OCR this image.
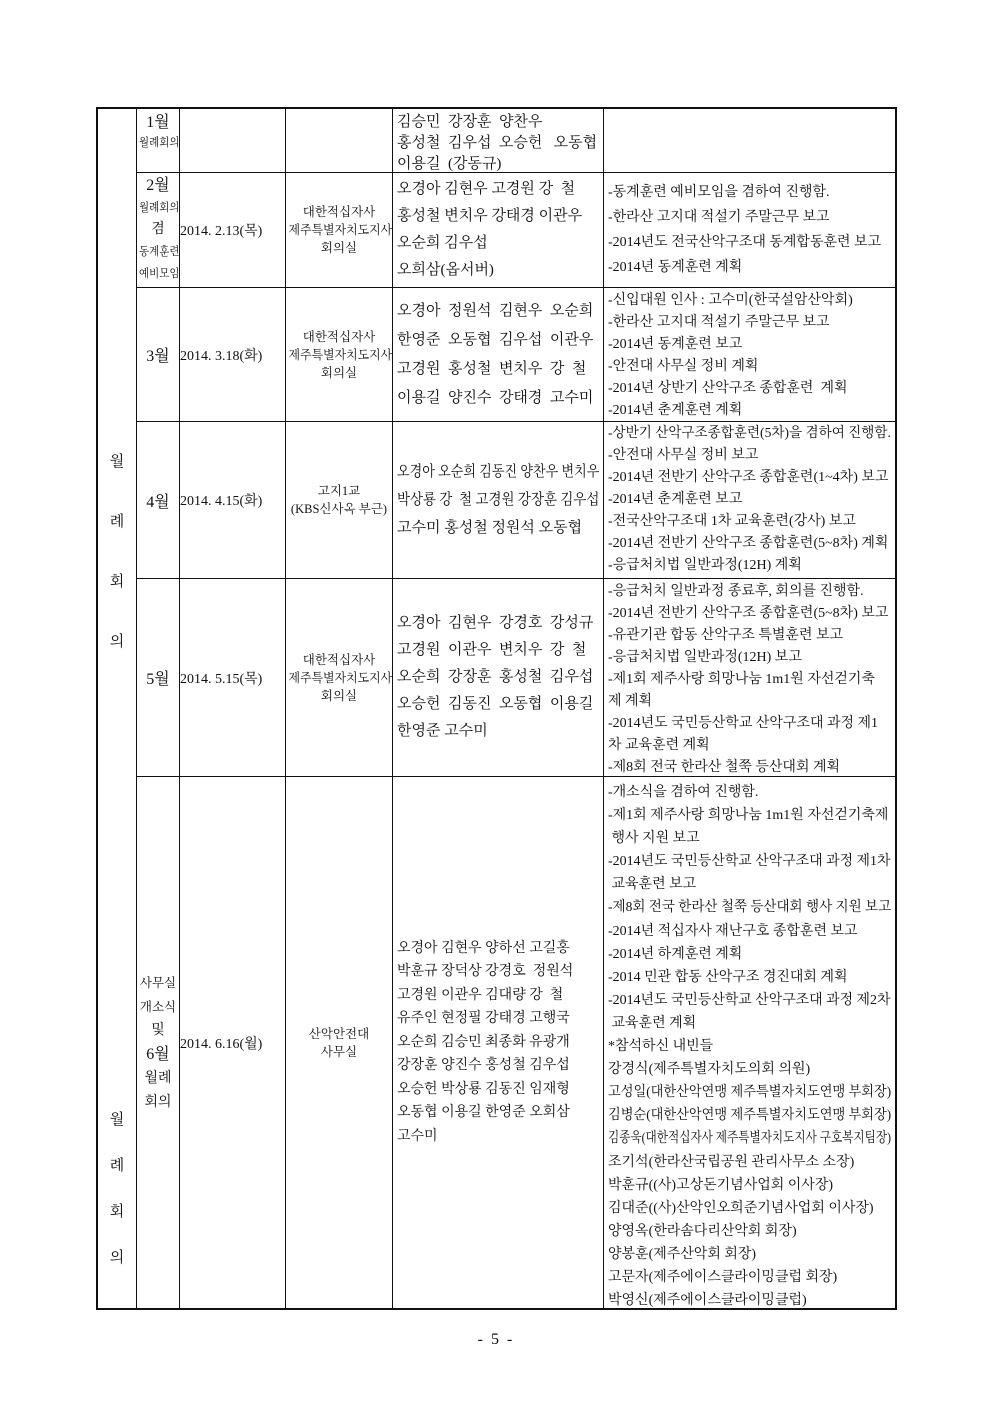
월
례
회
의
월
례
회
의
1월
월례회의
김승민  강장훈  양찬우
홍성철  김우섭  오승헌   오동협
이용길  (강동규)
2월
월례회의
겸
동계훈련
예비모임
2014. 2.13(목)
대한적십자사
제주특별자치도지사
회의실
오경아 김현우 고경원 강  철
홍성철 변치우 강태경 이관우
오순희 김우섭
오희삼(옵서버)
-동계훈련 예비모임을 겸하여 진행함.
-한라산 고지대 적설기 주말근무 보고
-2014년도 전국산악구조대 동계합동훈련 보고
-2014년 동계훈련 계획
3월 2014. 3.18(화)
대한적십자사
제주특별자치도지사
회의실
오경아  정원석  김현우  오순희
한영준  오동협  김우섭  이관우
고경원  홍성철  변치우  강  철
이용길  양진수  강태경  고수미
-신입대원 인사 : 고수미(한국설암산악회)
-한라산 고지대 적설기 주말근무 보고
-2014년 동계훈련 보고
-안전대 사무실 정비 계획
-2014년 상반기 산악구조 종합훈련  계획
-2014년 춘계훈련 계획
4월 2014. 4.15(화)
고지1교
(KBS신사옥 부근)
오경아 오순희 김동진 양찬우 변치우
박상룡 강  철 고경원 강장훈 김우섭
고수미 홍성철 정원석 오동협
-상반기 산악구조종합훈련(5차)을 겸하여 진행함.
-안전대 사무실 정비 보고
-2014년 전반기 산악구조 종합훈련(1~4차) 보고
-2014년 춘계훈련 보고
-전국산악구조대 1차 교육훈련(강사) 보고
-2014년 전반기 산악구조 종합훈련(5~8차) 계획
-응급처치법 일반과정(12H) 계획
5월 2014. 5.15(목)
대한적십자사
제주특별자치도지사
회의실
오경아  김현우  강경호  강성규
고경원  이관우  변치우  강  철
오순희  강장훈  홍성철  김우섭
오승헌  김동진  오동협  이용길
한영준 고수미
-응급처치 일반과정 종료후, 회의를 진행함.
-2014년 전반기 산악구조 종합훈련(5~8차) 보고
-유관기관 합동 산악구조 특별훈련 보고
-응급처치법 일반과정(12H) 보고
-제1회 제주사랑 희망나눔 1m1원 자선걷기축
제 계획
-2014년도 국민등산학교 산악구조대 과정 제1
차 교육훈련 계획
-제8회 전국 한라산 철쭉 등산대회 계획
사무실
개소식
및
6월
월례
회의
2014. 6.16(월)
산악안전대
사무실
오경아 김현우 양하선 고길홍
박훈규 장덕상 강경호  정원석
고경원 이관우 김대량 강  철
유주인 현정필 강태경 고행국
오순희 김승민 최종화 유광개
강장훈 양진수 홍성철 김우섭
오승헌 박상룡 김동진 임재형
오동협 이용길 한영준 오회삼
고수미
-개소식을 겸하여 진행함.
-제1회 제주사랑 희망나눔 1m1원 자선걷기축제
행사 지원 보고
-2014년도 국민등산학교 산악구조대 과정 제1차
교육훈련 보고
-제8회 전국 한라산 철쭉 등산대회 행사 지원 보고
-2014년 적십자사 재난구호 종합훈련 보고
-2014년 하계훈련 계획
-2014 민관 합동 산악구조 경진대회 계획
-2014년도 국민등산학교 산악구조대 과정 제2차
교육훈련 계획
*참석하신 내빈들
강경식(제주특별자치도의회 의원)
고성일(대한산악연맹 제주특별자치도연맹 부회장)
김병순(대한산악연맹 제주특별자치도연맹 부회장)
김종욱(대한적십자사 제주특별자치도지사 구호복지팀장)
조기석(한라산국립공원 관리사무소 소장)
박훈규((사)고상돈기념사업회 이사장)
김대준((사)산악인오희준기념사업회 이사장)
양영옥(한라솜다리산악회 회장)
양봉훈(제주산악회 회장)
고문자(제주에이스클라이밍클럽 회장)
박영신(제주에이스클라이밍클럽)
- 5 -
